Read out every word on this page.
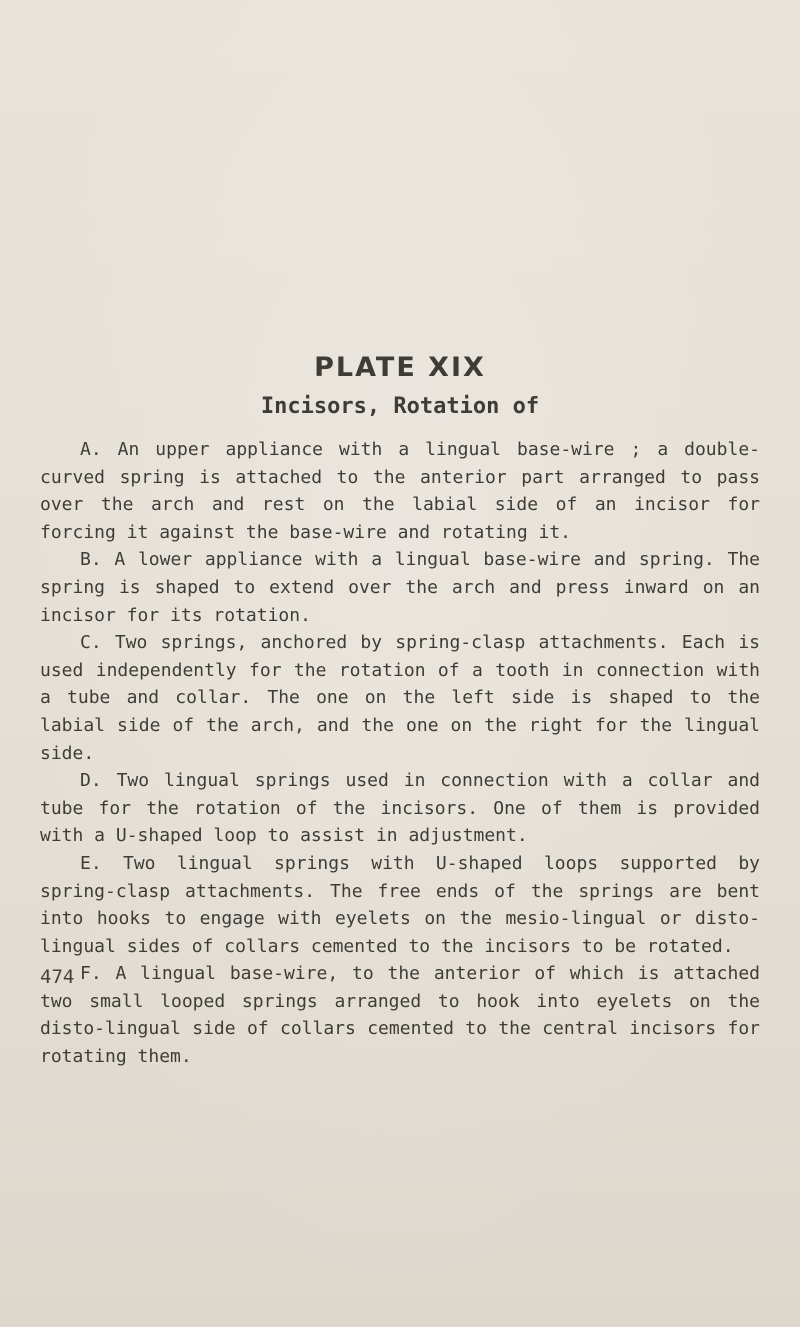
PLATE XIX
Incisors, Rotation of

A. An upper appliance with a lingual base-wire ; a double-curved spring is attached to the anterior part arranged to pass over the arch and rest on the labial side of an incisor for forcing it against the base-wire and rotating it.

B. A lower appliance with a lingual base-wire and spring. The spring is shaped to extend over the arch and press inward on an incisor for its rotation.

C. Two springs, anchored by spring-clasp attachments. Each is used independently for the rotation of a tooth in connection with a tube and collar. The one on the left side is shaped to the labial side of the arch, and the one on the right for the lingual side.

D. Two lingual springs used in connection with a collar and tube for the rotation of the incisors. One of them is provided with a U-shaped loop to assist in adjustment.

E. Two lingual springs with U-shaped loops supported by spring-clasp attachments. The free ends of the springs are bent into hooks to engage with eyelets on the mesio-lingual or disto-lingual sides of collars cemented to the incisors to be rotated.

F. A lingual base-wire, to the anterior of which is attached two small looped springs arranged to hook into eyelets on the disto-lingual side of collars cemented to the central incisors for rotating them.

474
